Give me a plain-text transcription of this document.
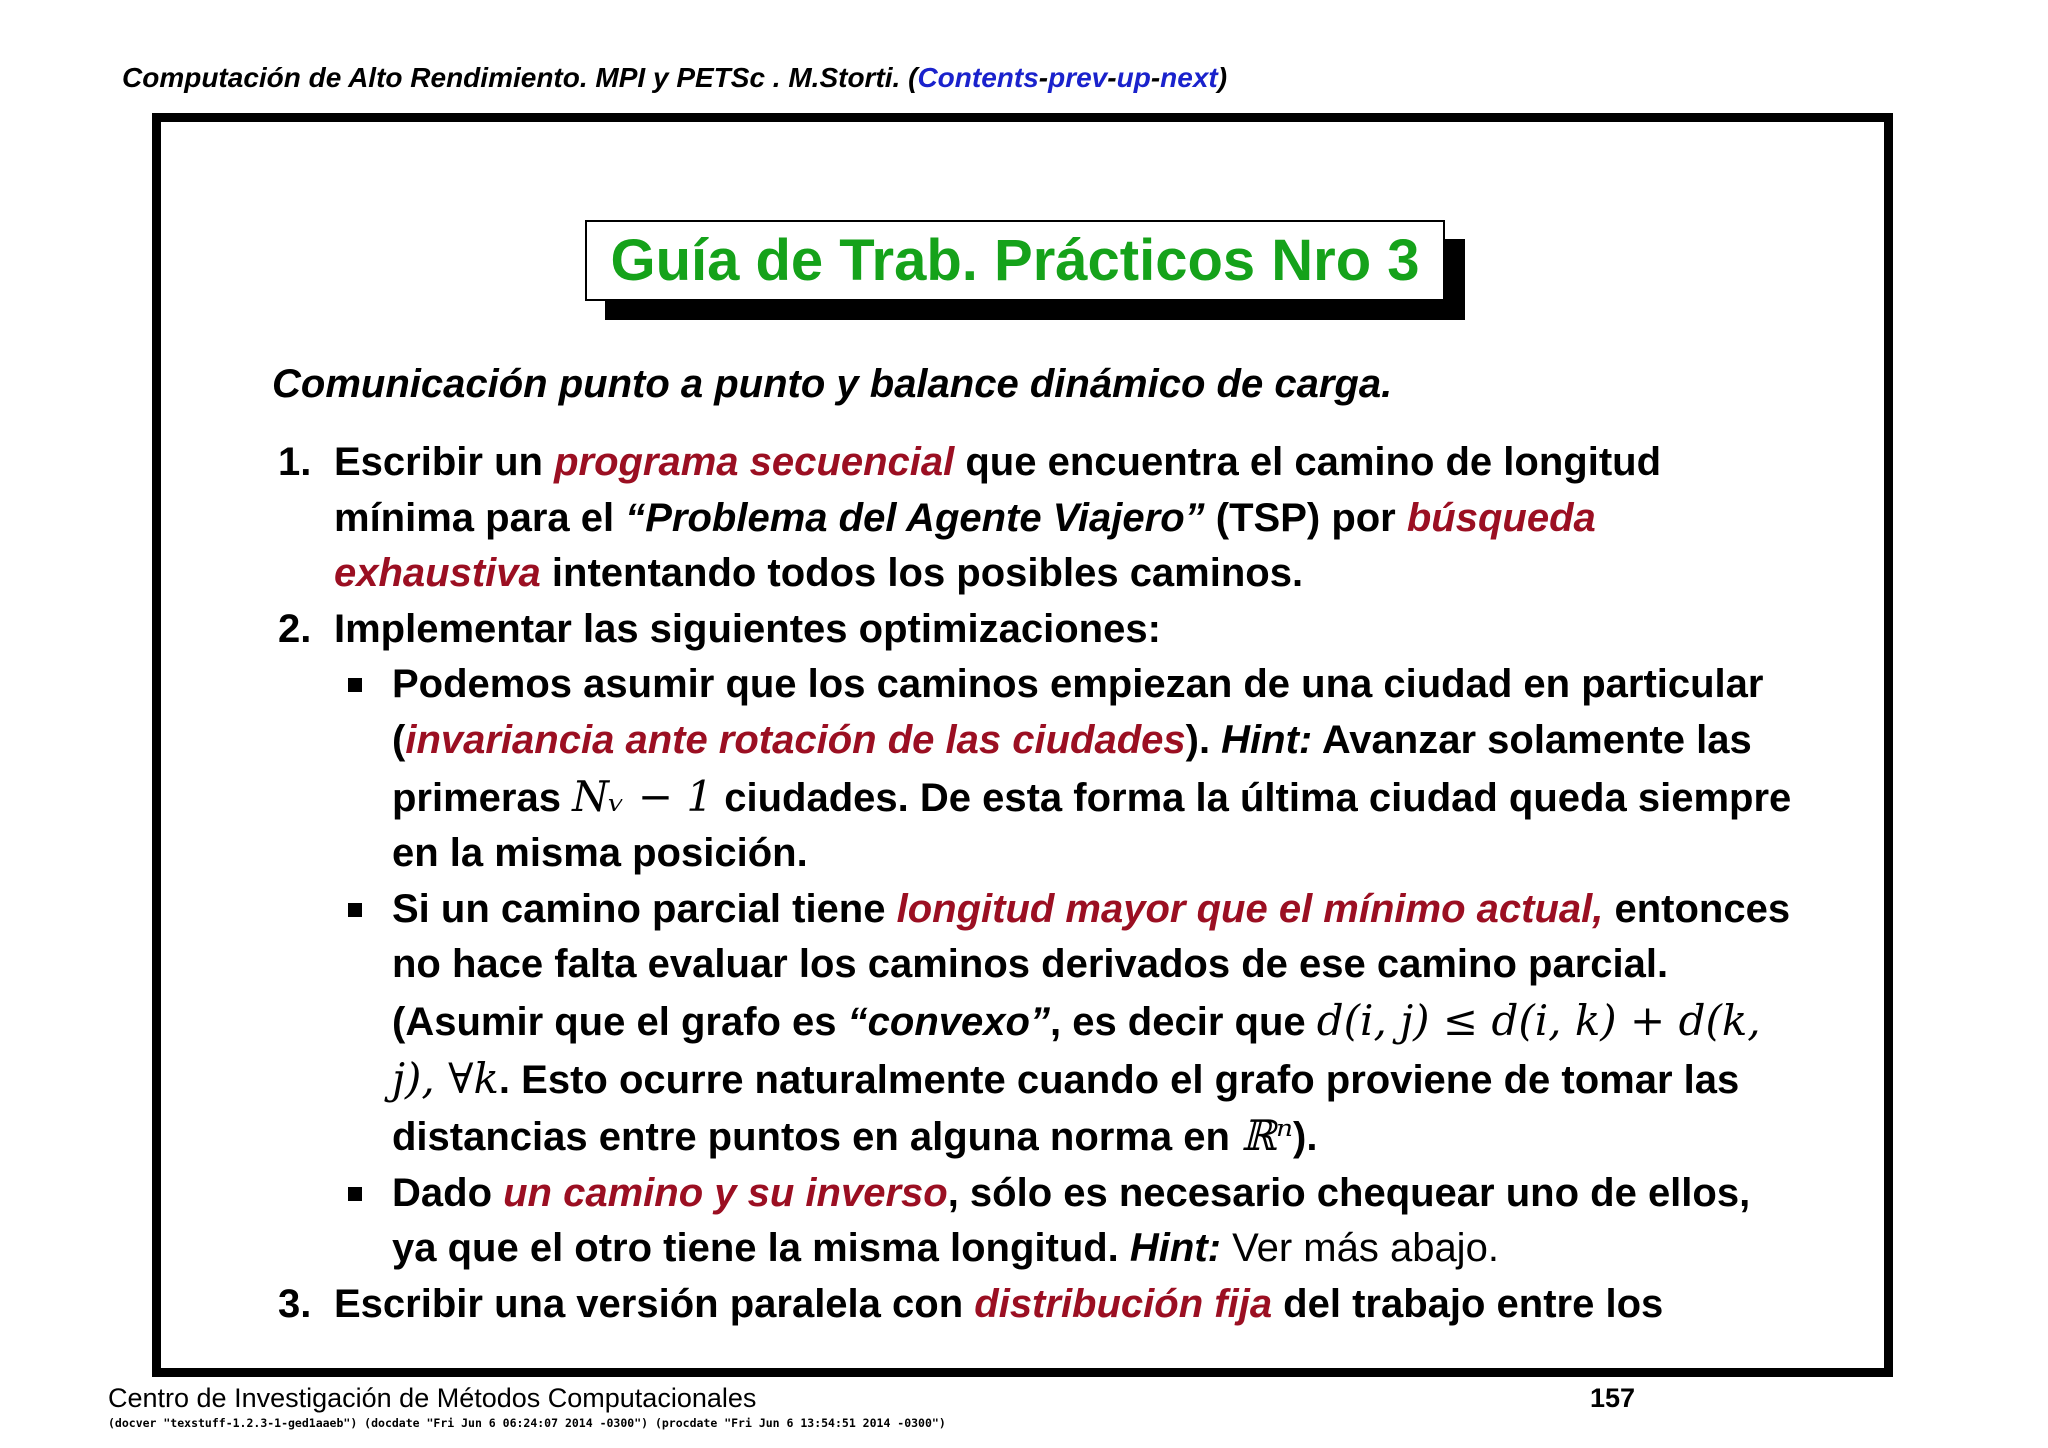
Computación de Alto Rendimiento. MPI y PETSc . M.Storti. (Contents-prev-up-next)
Guía de Trab. Prácticos Nro 3
Comunicación punto a punto y balance dinámico de carga.
1. Escribir un programa secuencial que encuentra el camino de longitud mínima para el “Problema del Agente Viajero” (TSP) por búsqueda exhaustiva intentando todos los posibles caminos.
2. Implementar las siguientes optimizaciones:
Podemos asumir que los caminos empiezan de una ciudad en particular (invariancia ante rotación de las ciudades). Hint: Avanzar solamente las primeras Nᵥ − 1 ciudades. De esta forma la última ciudad queda siempre en la misma posición.
Si un camino parcial tiene longitud mayor que el mínimo actual, entonces no hace falta evaluar los caminos derivados de ese camino parcial. (Asumir que el grafo es “convexo”, es decir que d(i, j) ≤ d(i, k) + d(k, j), ∀k. Esto ocurre naturalmente cuando el grafo proviene de tomar las distancias entre puntos en alguna norma en ℝⁿ).
Dado un camino y su inverso, sólo es necesario chequear uno de ellos, ya que el otro tiene la misma longitud. Hint: Ver más abajo.
3. Escribir una versión paralela con distribución fija del trabajo entre los
Centro de Investigación de Métodos Computacionales	157
(docver "texstuff-1.2.3-1-ged1aaeb") (docdate "Fri Jun 6 06:24:07 2014 -0300") (procdate "Fri Jun 6 13:54:51 2014 -0300")
